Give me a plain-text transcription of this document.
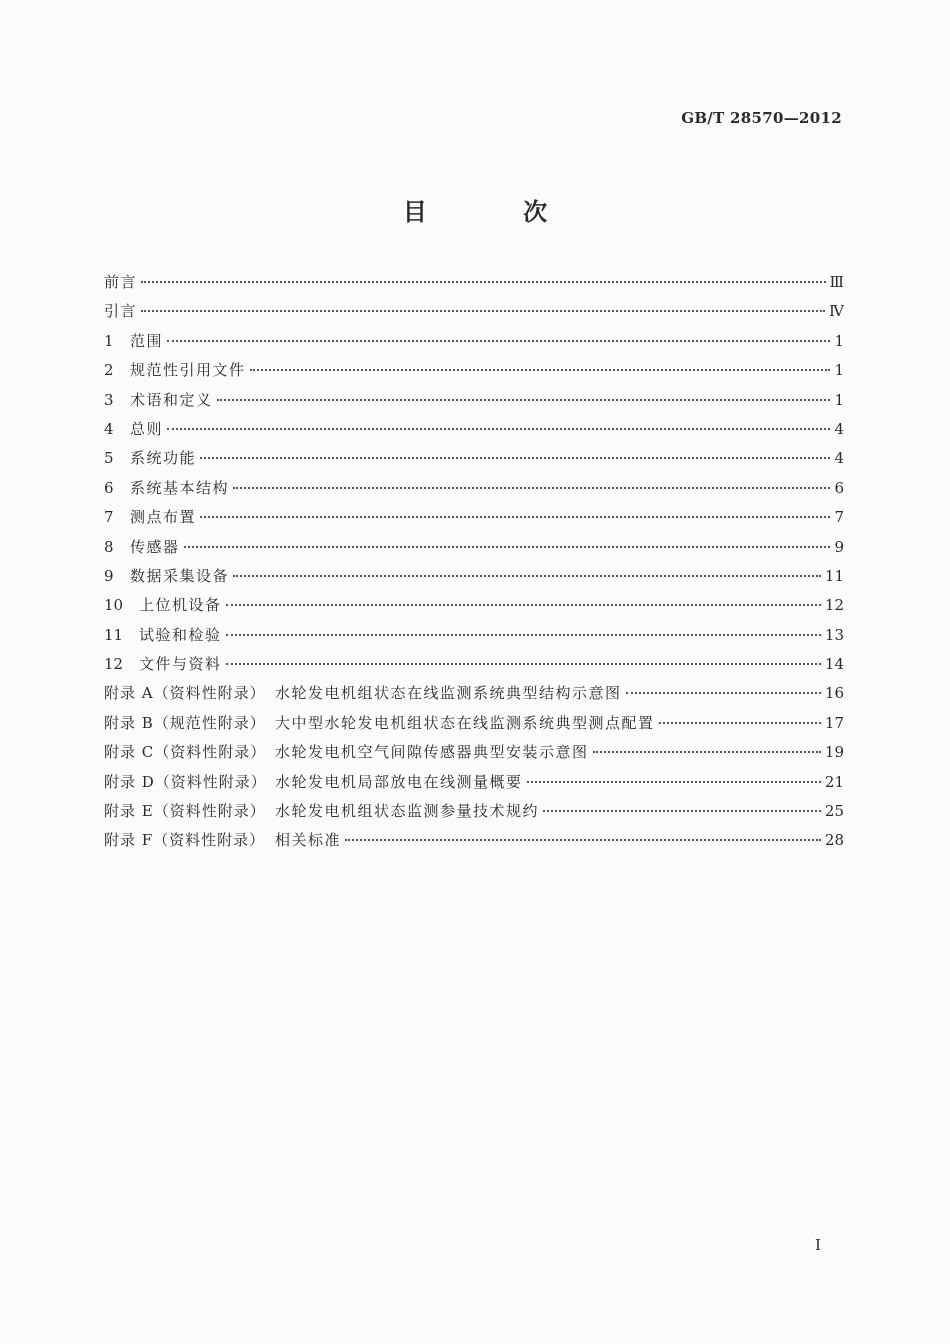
GB/T 28570—2012
目 次
前言	Ⅲ
引言	Ⅳ
1	范围	1
2	规范性引用文件	1
3	术语和定义	1
4	总则	4
5	系统功能	4
6	系统基本结构	6
7	测点布置	7
8	传感器	9
9	数据采集设备	11
10	上位机设备	12
11	试验和检验	13
12	文件与资料	14
附录 A（资料性附录） 水轮发电机组状态在线监测系统典型结构示意图	16
附录 B（规范性附录） 大中型水轮发电机组状态在线监测系统典型测点配置	17
附录 C（资料性附录） 水轮发电机空气间隙传感器典型安装示意图	19
附录 D（资料性附录） 水轮发电机局部放电在线测量概要	21
附录 E（资料性附录） 水轮发电机组状态监测参量技术规约	25
附录 F（资料性附录） 相关标准	28
I
